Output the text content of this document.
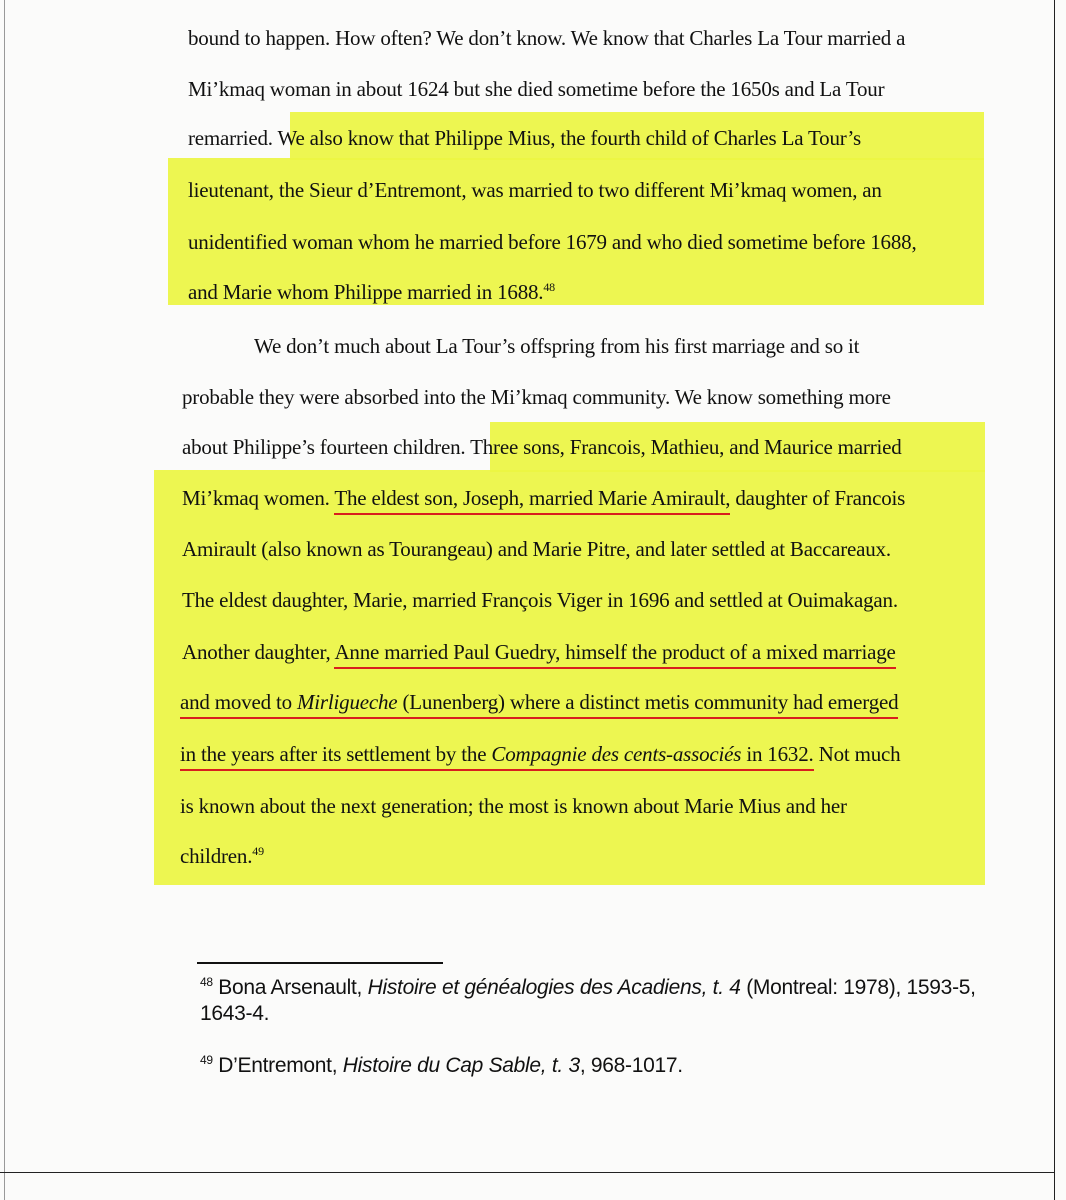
bound to happen. How often? We don’t know. We know that Charles La Tour married a
Mi’kmaq woman in about 1624 but she died sometime before the 1650s and La Tour
remarried. We also know that Philippe Mius, the fourth child of Charles La Tour’s
lieutenant, the Sieur d’Entremont, was married to two different Mi’kmaq women, an
unidentified woman whom he married before 1679 and who died sometime before 1688,
and Marie whom Philippe married in 1688.48
We don’t much about La Tour’s offspring from his first marriage and so it
probable they were absorbed into the Mi’kmaq community. We know something more
about Philippe’s fourteen children. Three sons, Francois, Mathieu, and Maurice married
Mi’kmaq women. The eldest son, Joseph, married Marie Amirault, daughter of Francois
Amirault (also known as Tourangeau) and Marie Pitre, and later settled at Baccareaux.
The eldest daughter, Marie, married François Viger in 1696 and settled at Ouimakagan.
Another daughter, Anne married Paul Guedry, himself the product of a mixed marriage
and moved to Mirligueche (Lunenberg) where a distinct metis community had emerged
in the years after its settlement by the Compagnie des cents-associés in 1632. Not much
is known about the next generation; the most is known about Marie Mius and her
children.$^{49}$
$^{48}$ Bona Arsenault, Histoire et généalogies des Acadiens, t. 4 (Montreal: 1978), 1593-5,
1643-4.
$^{49}$ D’Entremont, Histoire du Cap Sable, t. 3, 968-1017.
